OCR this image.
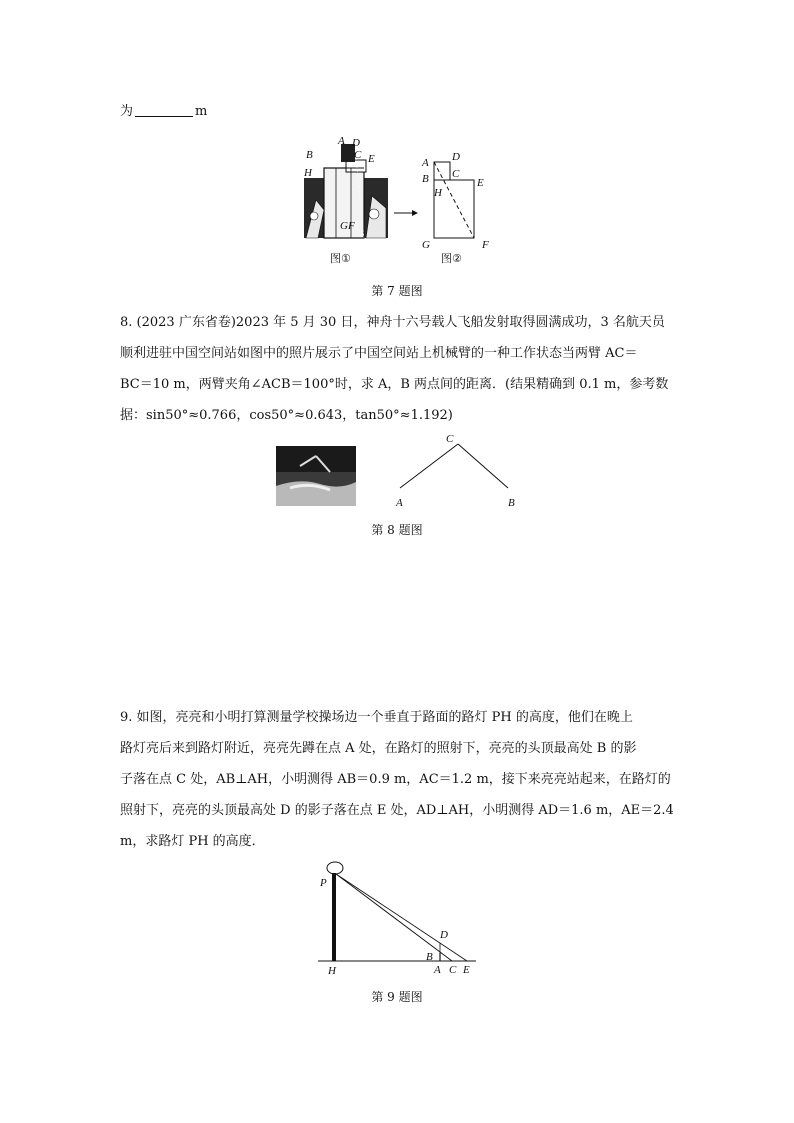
为	m

A D
B	C E
H
G F
图①
A D
B C
E
H
G	F
图②
第 7 题图

8. (2023 广东省卷)2023 年 5 月 30 日，神舟十六号载人飞船发射取得圆满成功，3 名航天员
顺利进驻中国空间站如图中的照片展示了中国空间站上机械臂的一种工作状态当两臂 AC＝
BC＝10 m，两臂夹角∠ACB＝100°时，求 A，B 两点间的距离．(结果精确到 0.1 m，参考数
据：sin50°≈0.766，cos50°≈0.643，tan50°≈1.192)

C
A	B
第 8 题图

9. 如图，亮亮和小明打算测量学校操场边一个垂直于路面的路灯 PH 的高度，他们在晚上
路灯亮后来到路灯附近，亮亮先蹲在点 A 处，在路灯的照射下，亮亮的头顶最高处 B 的影
子落在点 C 处，AB⊥AH，小明测得 AB＝0.9 m，AC＝1.2 m，接下来亮亮站起来，在路灯的
照射下，亮亮的头顶最高处 D 的影子落在点 E 处，AD⊥AH，小明测得 AD＝1.6 m，AE＝2.4
m，求路灯 PH 的高度．

P
H
D
B
A C E
第 9 题图
